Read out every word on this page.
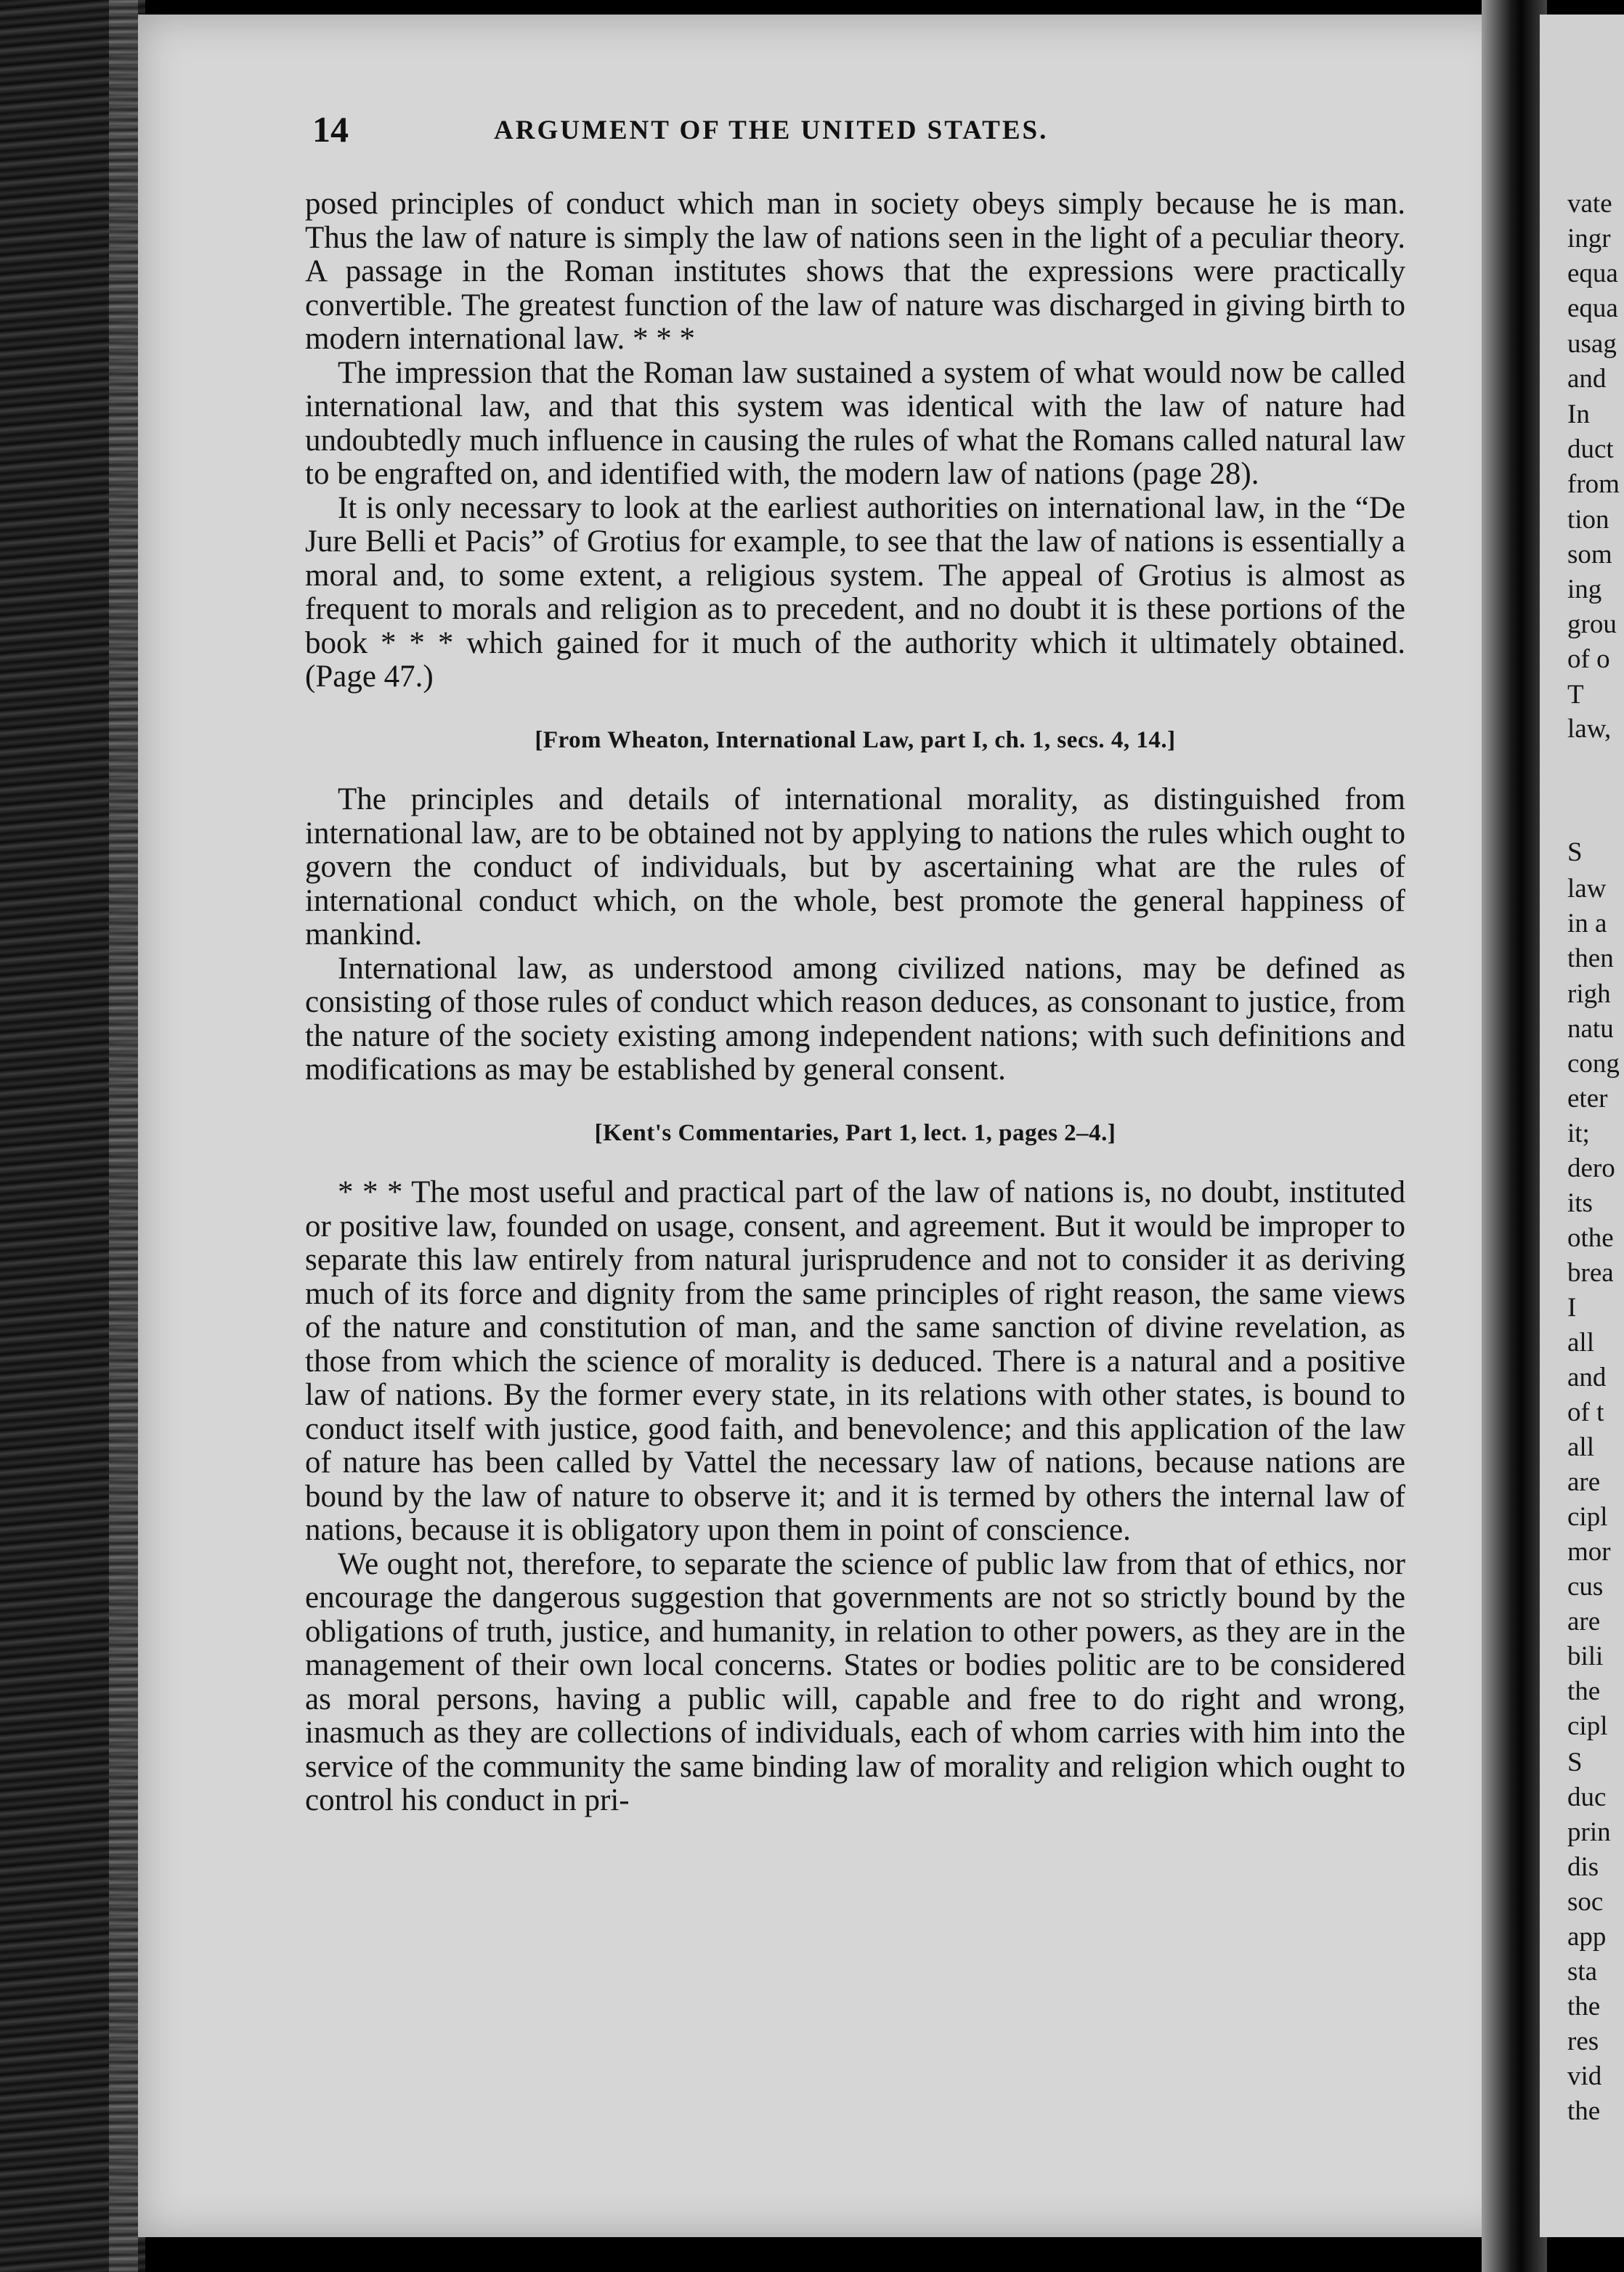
14	ARGUMENT OF THE UNITED STATES.

posed principles of conduct which man in society obeys simply because he is man. Thus the law of nature is simply the law of nations seen in the light of a peculiar theory. A passage in the Roman institutes shows that the expressions were practically convertible. The greatest function of the law of nature was discharged in giving birth to modern international law. * * *

The impression that the Roman law sustained a system of what would now be called international law, and that this system was identical with the law of nature had undoubtedly much influence in causing the rules of what the Romans called natural law to be engrafted on, and identified with, the modern law of nations (page 28).

It is only necessary to look at the earliest authorities on international law, in the “De Jure Belli et Pacis” of Grotius for example, to see that the law of nations is essentially a moral and, to some extent, a religious system. The appeal of Grotius is almost as frequent to morals and religion as to precedent, and no doubt it is these portions of the book * * * which gained for it much of the authority which it ultimately obtained. (Page 47.)

[From Wheaton, International Law, part I, ch. 1, secs. 4, 14.]

The principles and details of international morality, as distinguished from international law, are to be obtained not by applying to nations the rules which ought to govern the conduct of individuals, but by ascertaining what are the rules of international conduct which, on the whole, best promote the general happiness of mankind.

International law, as understood among civilized nations, may be defined as consisting of those rules of conduct which reason deduces, as consonant to justice, from the nature of the society existing among independent nations; with such definitions and modifications as may be established by general consent.

[Kent's Commentaries, Part 1, lect. 1, pages 2–4.]

* * * The most useful and practical part of the law of nations is, no doubt, instituted or positive law, founded on usage, consent, and agreement. But it would be improper to separate this law entirely from natural jurisprudence and not to consider it as deriving much of its force and dignity from the same principles of right reason, the same views of the nature and constitution of man, and the same sanction of divine revelation, as those from which the science of morality is deduced. There is a natural and a positive law of nations. By the former every state, in its relations with other states, is bound to conduct itself with justice, good faith, and benevolence; and this application of the law of nature has been called by Vattel the necessary law of nations, because nations are bound by the law of nature to observe it; and it is termed by others the internal law of nations, because it is obligatory upon them in point of conscience.

We ought not, therefore, to separate the science of public law from that of ethics, nor encourage the dangerous suggestion that governments are not so strictly bound by the obligations of truth, justice, and humanity, in relation to other powers, as they are in the management of their own local concerns. States or bodies politic are to be considered as moral persons, having a public will, capable and free to do right and wrong, inasmuch as they are collections of individuals, each of whom carries with him into the service of the community the same binding law of morality and religion which ought to control his conduct in pri-

vate
ingr
equa
equa
usag
and
In
duct
from
tion
som
ing
grou
of o
T
law,
S
law
in a
then
righ
natu
cong
eter
it;
dero
its
othe
brea
I
all
and
of t
all
are
cipl
mor
cus
are
bili
the
cipl
S
duc
prin
dis
soc
app
sta
the
res
vid
the
